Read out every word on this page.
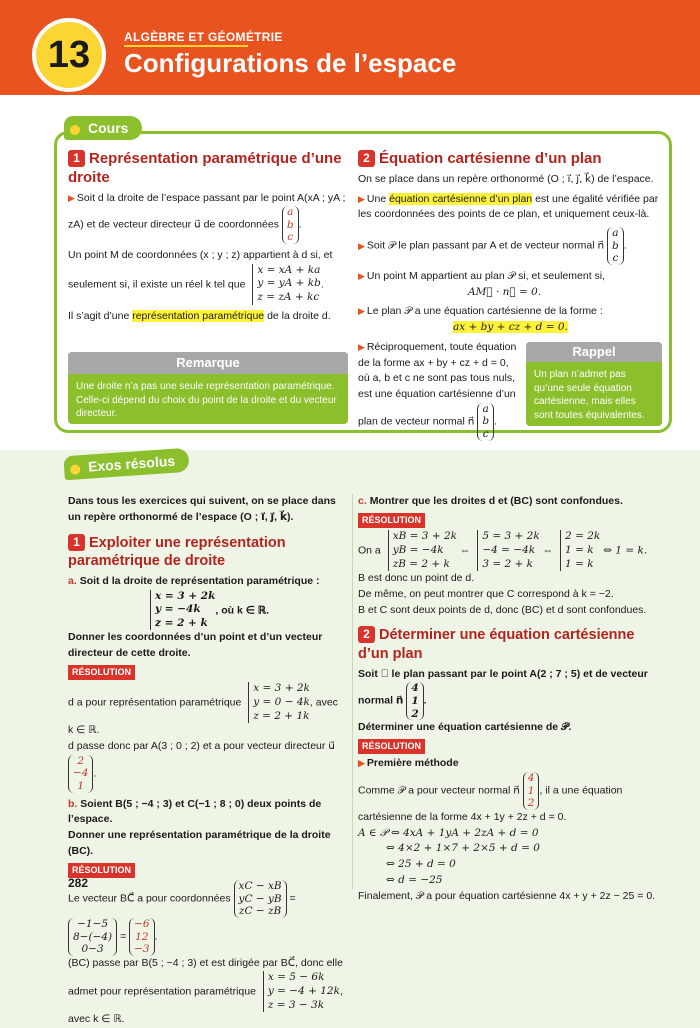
13	ALGÈBRE ET GÉOMÉTRIE
Configurations de l’espace
Cours
1 Représentation paramétrique d’une droite
▶ Soit d la droite de l’espace passant par le point A(xA ; yA ; zA) et de vecteur directeur u⃗ de coordonnées a
b
c.
Un point M de coordonnées (x ; y ; z) appartient à d si, et seulement si, il existe un réel k tel que x = xA + ka
y = yA + kb
z = zA + kc.
Il s’agit d’une représentation paramétrique de la droite d.
Remarque
Une droite n’a pas une seule représentation paramétrique. Celle-ci dépend du choix du point de la droite et du vecteur directeur.
2 Équation cartésienne d’un plan
On se place dans un repère orthonormé (O ; i⃗, j⃗, k⃗) de l’espace.
▶ Une équation cartésienne d’un plan est une égalité vérifiée par les coordonnées des points de ce plan, et uniquement ceux-là.
▶ Soit 𝒫 le plan passant par A et de vecteur normal n⃗ a
b
c.
▶ Un point M appartient au plan 𝒫 si, et seulement si,
AM⃗ · n⃗ = 0.
▶ Le plan 𝒫 a une équation cartésienne de la forme :
ax + by + cz + d = 0.
▶ Réciproquement, toute équation de la forme ax + by + cz + d = 0, où a, b et c ne sont pas tous nuls, est une équation cartésienne d’un plan de vecteur normal n⃗ a
b
c.
Rappel
Un plan n’admet pas qu’une seule équation cartésienne, mais elles sont toutes équivalentes.
Exos résolus
Dans tous les exercices qui suivent, on se place dans un repère orthonormé de l’espace (O ; i⃗, j⃗, k⃗).
1 Exploiter une représentation paramétrique de droite
a. Soit d la droite de représentation paramétrique :
x = 3 + 2k
y = −4k
z = 2 + k, où k ∈ ℝ.
Donner les coordonnées d’un point et d’un vecteur directeur de cette droite.
RÉSOLUTION
d a pour représentation paramétrique x = 3 + 2k
y = 0 − 4k
z = 2 + 1k, avec k ∈ ℝ.
d passe donc par A(3 ; 0 ; 2) et a pour vecteur directeur u⃗ 2
−4
1.
b. Soient B(5 ; −4 ; 3) et C(−1 ; 8 ; 0) deux points de l’espace.
Donner une représentation paramétrique de la droite (BC).
RÉSOLUTION
Le vecteur BC⃗ a pour coordonnées xC − xB
yC − yB
zC − zB = −1−5
8−(−4)
0−3 = −6
12
−3.
(BC) passe par B(5 ; −4 ; 3) et est dirigée par BC⃗, donc elle admet pour représentation paramétrique x = 5 − 6k
y = −4 + 12k
z = 3 − 3k, avec k ∈ ℝ.
c. Montrer que les droites d et (BC) sont confondues.
RÉSOLUTION
On a xB = 3 + 2k
yB = −4k
zB = 2 + k ⇔ 5 = 3 + 2k
−4 = −4k
3 = 2 + k ⇔ 2 = 2k
1 = k
1 = k ⇔ 1 = k.
B est donc un point de d.
De même, on peut montrer que C correspond à k = −2.
B et C sont deux points de d, donc (BC) et d sont confondues.
2 Déterminer une équation cartésienne d’un plan
Soit 𝒫 le plan passant par le point A(2 ; 7 ; 5) et de vecteur normal n⃗ 4
1
2.
Déterminer une équation cartésienne de 𝒫.
RÉSOLUTION
▶ Première méthode
Comme 𝒫 a pour vecteur normal n⃗ 4
1
2, il a une équation cartésienne de la forme 4x + 1y + 2z + d = 0.
A ∈ 𝒫 ⇔ 4xA + 1yA + 2zA + d = 0
⇔ 4×2 + 1×7 + 2×5 + d = 0
⇔ 25 + d = 0
⇔ d = −25
Finalement, 𝒫 a pour équation cartésienne 4x + y + 2z − 25 = 0.
282
